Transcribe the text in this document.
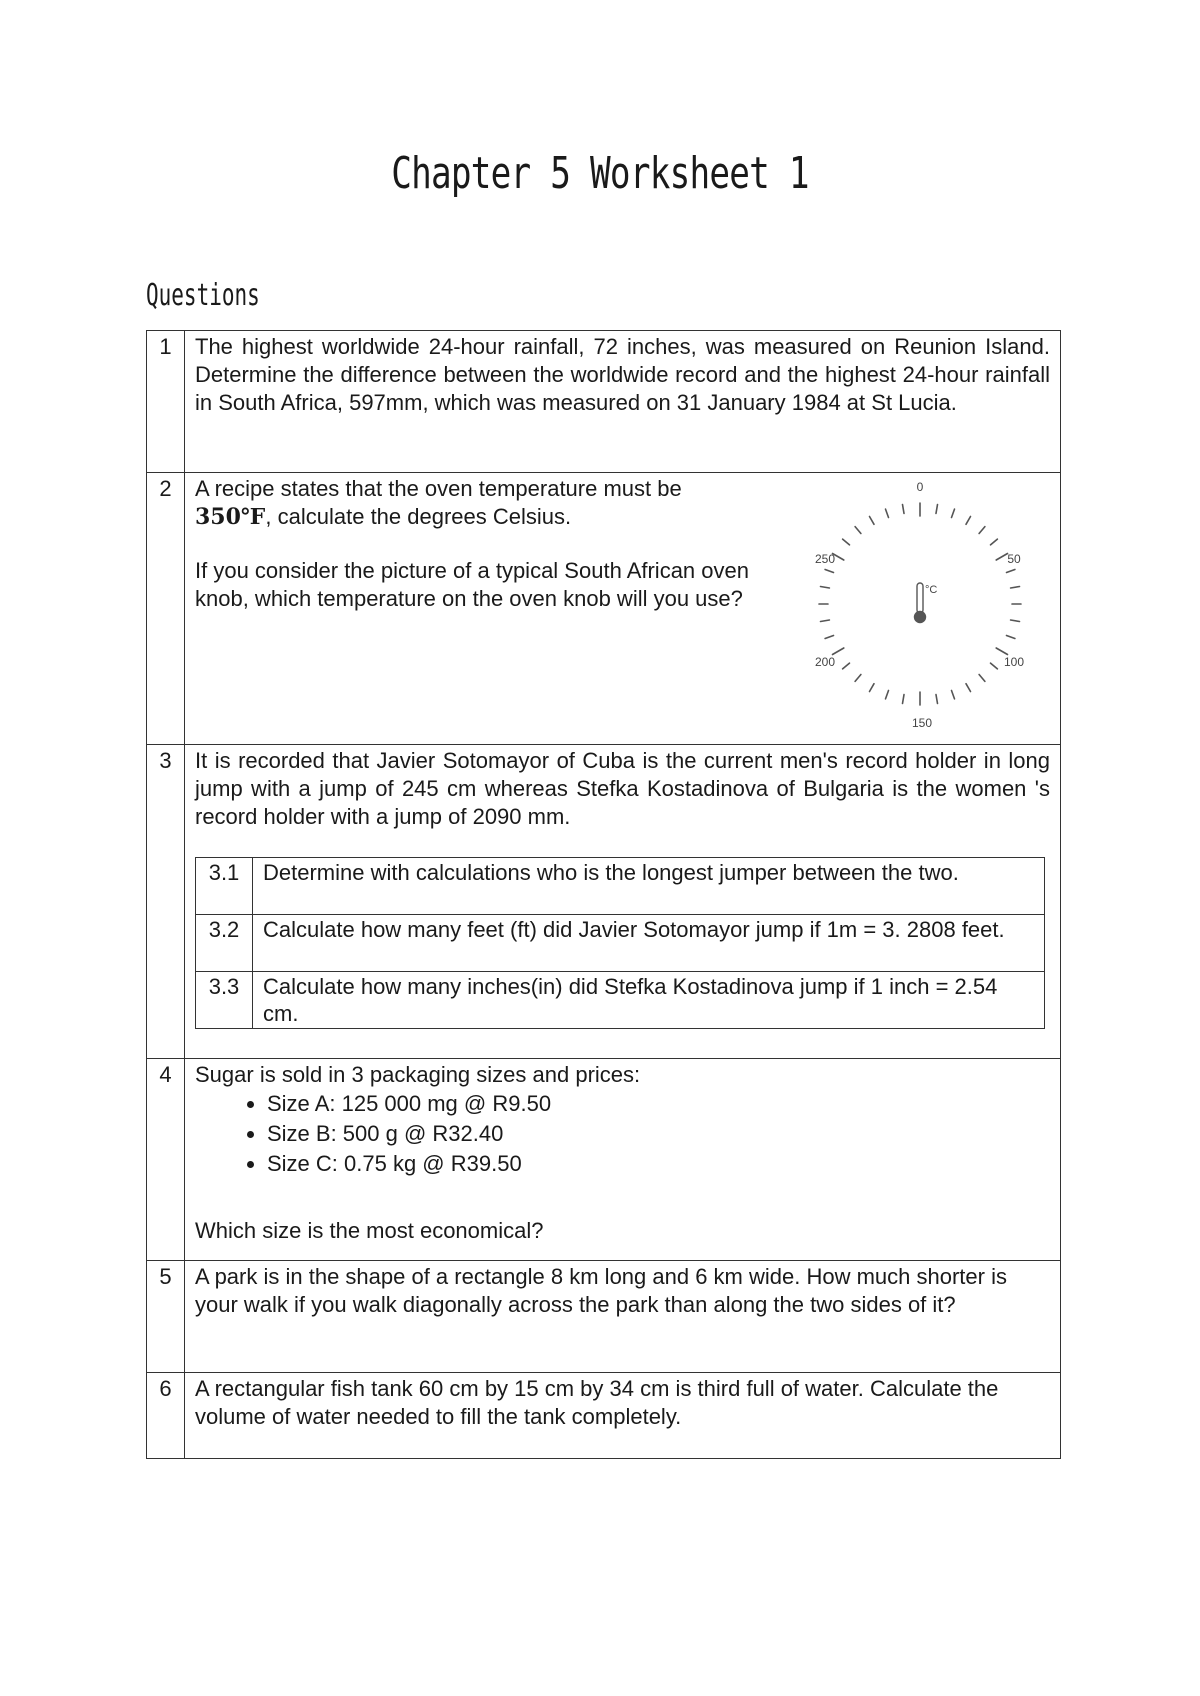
Chapter 5 Worksheet 1
Questions
1	The highest worldwide 24-hour rainfall, 72 inches, was measured on Reunion Island. Determine the difference between the worldwide record and the highest 24-hour rainfall in South Africa, 597mm, which was measured on 31 January 1984 at St Lucia.
2	A recipe states that the oven temperature must be
350℉, calculate the degrees Celsius.

If you consider the picture of a typical South African oven knob, which temperature on the oven knob will you use?

0
50
100
150
200
250
°C

3	It is recorded that Javier Sotomayor of Cuba is the current men's record holder in long jump with a jump of 245 cm whereas Stefka Kostadinova of Bulgaria is the women 's record holder with a jump of 2090 mm.
3.1	Determine with calculations who is the longest jumper between the two.
3.2	Calculate how many feet (ft) did Javier Sotomayor jump if 1m = 3. 2808 feet.
3.3	Calculate how many inches(in) did Stefka Kostadinova jump if 1 inch = 2.54 cm.

4	Sugar is sold in 3 packaging sizes and prices:
• Size A: 125 000 mg @ R9.50
• Size B: 500 g @ R32.40
• Size C: 0.75 kg @ R39.50
Which size is the most economical?

5	A park is in the shape of a rectangle 8 km long and 6 km wide. How much shorter is your walk if you walk diagonally across the park than along the two sides of it?
6	A rectangular fish tank 60 cm by 15 cm by 34 cm is third full of water. Calculate the volume of water needed to fill the tank completely.
